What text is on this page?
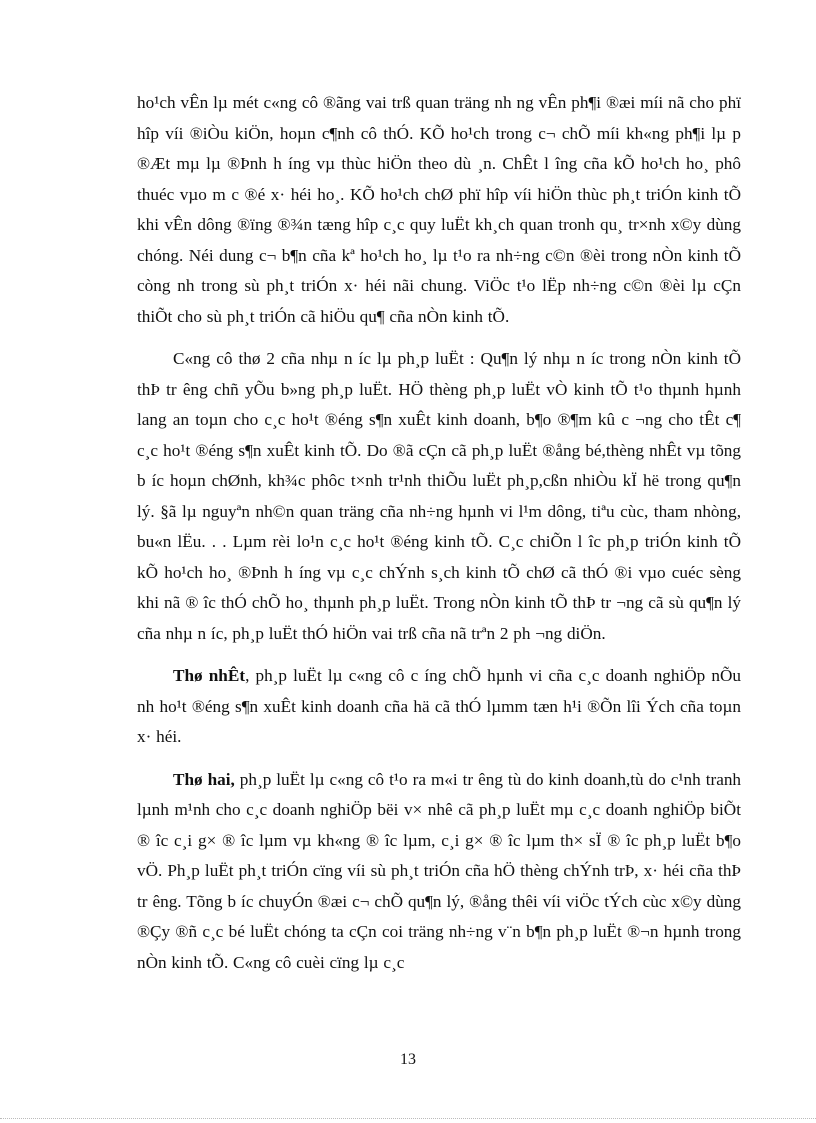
ho¹ch vÊn lµ mét c«ng cô ®ãng vai trß quan träng nh ng vÊn ph¶i ®æi míi nã cho phï hîp víi ®iÒu kiÖn, hoµn c¶nh cô thÓ. KÕ ho¹ch trong c¬ chÕ míi kh«ng ph¶i lµ p ®Æt mµ lµ ®Þnh h íng vµ thùc hiÖn theo dù ¸n. ChÊt l îng cña kÕ ho¹ch ho¸ phô thuéc vµo m c ®é x· héi ho¸. KÕ ho¹ch chØ phï hîp víi hiÖn thùc ph¸t triÓn kinh tÕ khi vÊn dông ®ïng ®¾n tæng hîp c¸c quy luËt kh¸ch quan tronh qu¸ tr×nh x©y dùng chóng. Néi dung c¬ b¶n cña kª ho¹ch ho¸ lµ t¹o ra nh÷ng c©n ®èi trong nÒn kinh tÕ còng nh trong sù ph¸t triÓn x· héi nãi chung. ViÖc t¹o lËp nh÷ng c©n ®èi lµ cÇn thiÕt cho sù ph¸t triÓn cã hiÖu qu¶ cña nÒn kinh tÕ.

C«ng cô thø 2 cña nhµ n íc lµ ph¸p luËt : Qu¶n lý nhµ n íc trong nÒn kinh tÕ thÞ tr êng chñ yÕu b»ng ph¸p luËt. HÖ thèng ph¸p luËt vÒ kinh tÕ t¹o thµnh hµnh lang an toµn cho c¸c ho¹t ®éng s¶n xuÊt kinh doanh, b¶o ®¶m kû c ¬ng cho tÊt c¶ c¸c ho¹t ®éng s¶n xuÊt kinh tÕ. Do ®ã cÇn cã ph¸p luËt ®ång bé,thèng nhÊt vµ tõng b íc hoµn chØnh, kh¾c phôc t×nh tr¹nh thiÕu luËt ph¸p,cßn nhiÒu kÏ hë trong qu¶n lý. §ã lµ nguyªn nh©n quan träng cña nh÷ng hµnh vi l¹m dông, tiªu cùc, tham nhòng, bu«n lËu. . . Lµm rèi lo¹n c¸c ho¹t ®éng kinh tÕ. C¸c chiÕn l îc ph¸p triÓn kinh tÕ kÕ ho¹ch ho¸ ®Þnh h íng vµ c¸c chÝnh s¸ch kinh tÕ chØ cã thÓ ®i vµo cuéc sèng khi nã ® îc thÓ chÕ ho¸ thµnh ph¸p luËt. Trong nÒn kinh tÕ thÞ tr ¬ng cã sù qu¶n lý cña nhµ n íc, ph¸p luËt thÓ hiÖn vai trß cña nã trªn 2 ph ¬ng diÖn.

Thø nhÊt, ph¸p luËt lµ c«ng cô c íng chÕ hµnh vi cña c¸c doanh nghiÖp nÕu nh ho¹t ®éng s¶n xuÊt kinh doanh cña hä cã thÓ lµmm tæn h¹i ®Õn lîi Ých cña toµn x· héi.

Thø hai, ph¸p luËt lµ c«ng cô t¹o ra m«i tr êng tù do kinh doanh,tù do c¹nh tranh lµnh m¹nh cho c¸c doanh nghiÖp bëi v× nhê cã ph¸p luËt mµ c¸c doanh nghiÖp biÕt ® îc c¸i g× ® îc lµm vµ kh«ng ® îc lµm, c¸i g× ® îc lµm th× sÏ ® îc ph¸p luËt b¶o vÖ. Ph¸p luËt ph¸t triÓn cïng víi sù ph¸t triÓn cña hÖ thèng chÝnh trÞ, x· héi cña thÞ tr êng. Tõng b íc chuyÓn ®æi c¬ chÕ qu¶n lý, ®ång thêi víi viÖc tÝch cùc x©y dùng ®Çy ®ñ c¸c bé luËt chóng ta cÇn coi träng nh÷ng v¨n b¶n ph¸p luËt ®¬n hµnh trong nÒn kinh tÕ. C«ng cô cuèi cïng lµ c¸c

13
